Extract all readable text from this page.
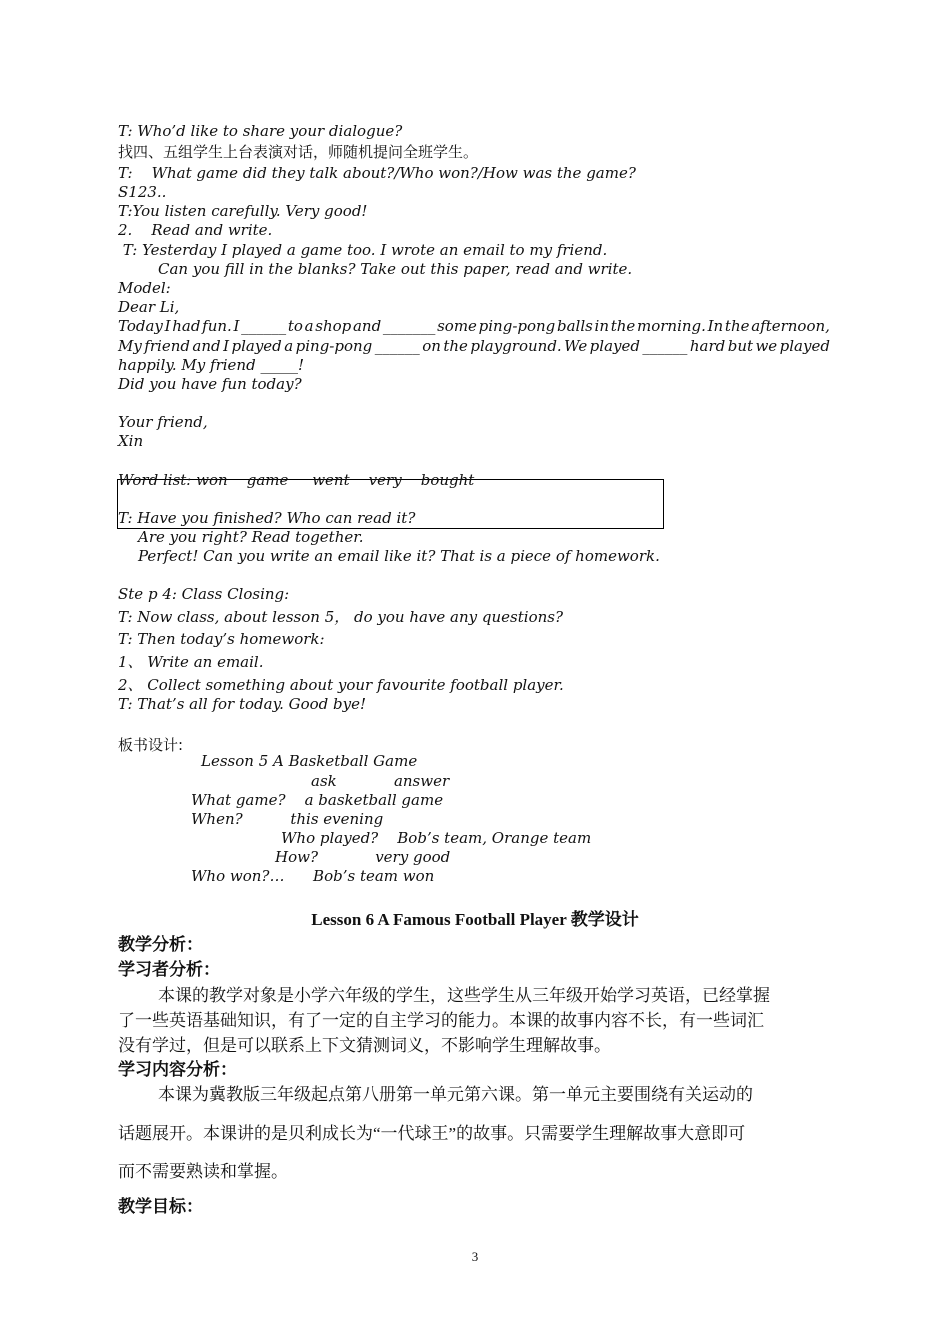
T: Who’d like to share your dialogue?
找四、五组学生上台表演对话，师随机提问全班学生。
T:    What game did they talk about?/Who won?/How was the game?
S123..
T:You listen carefully. Very good!
2.    Read and write.
T: Yesterday I played a game too. I wrote an email to my friend.
Can you fill in the blanks? Take out this paper, read and write.
Model:
Dear Li,
Today I had fun. I ______ to a shop and _______ some ping-pong balls in the morning. In the afternoon,
My friend and I played a ping-pong ______ on the playground. We played ______ hard but we played
happily. My friend _____!
Did you have fun today?
Your friend,
Xin
Word list: won    game     went    very    bought
T: Have you finished? Who can read it?
Are you right? Read together.
Perfect! Can you write an email like it? That is a piece of homework.
Ste p 4: Class Closing:
T: Now class, about lesson 5， do you have any questions?
T: Then today’s homework:
1、 Write an email.
2、 Collect something about your favourite football player.
T: That’s all for today. Good bye!
板书设计:
Lesson 5 A Basketball Game
ask            answer
What game?    a basketball game
When?          this evening
Who played?    Bob’s team, Orange team
How?            very good
Who won?…      Bob’s team won
Lesson 6 A Famous Football Player 教学设计
教学分析：
学习者分析：
本课的教学对象是小学六年级的学生，这些学生从三年级开始学习英语，已经掌握
了一些英语基础知识，有了一定的自主学习的能力。本课的故事内容不长，有一些词汇
没有学过，但是可以联系上下文猜测词义，不影响学生理解故事。
学习内容分析：
本课为冀教版三年级起点第八册第一单元第六课。第一单元主要围绕有关运动的
话题展开。本课讲的是贝利成长为“一代球王”的故事。只需要学生理解故事大意即可
而不需要熟读和掌握。
教学目标：
3
